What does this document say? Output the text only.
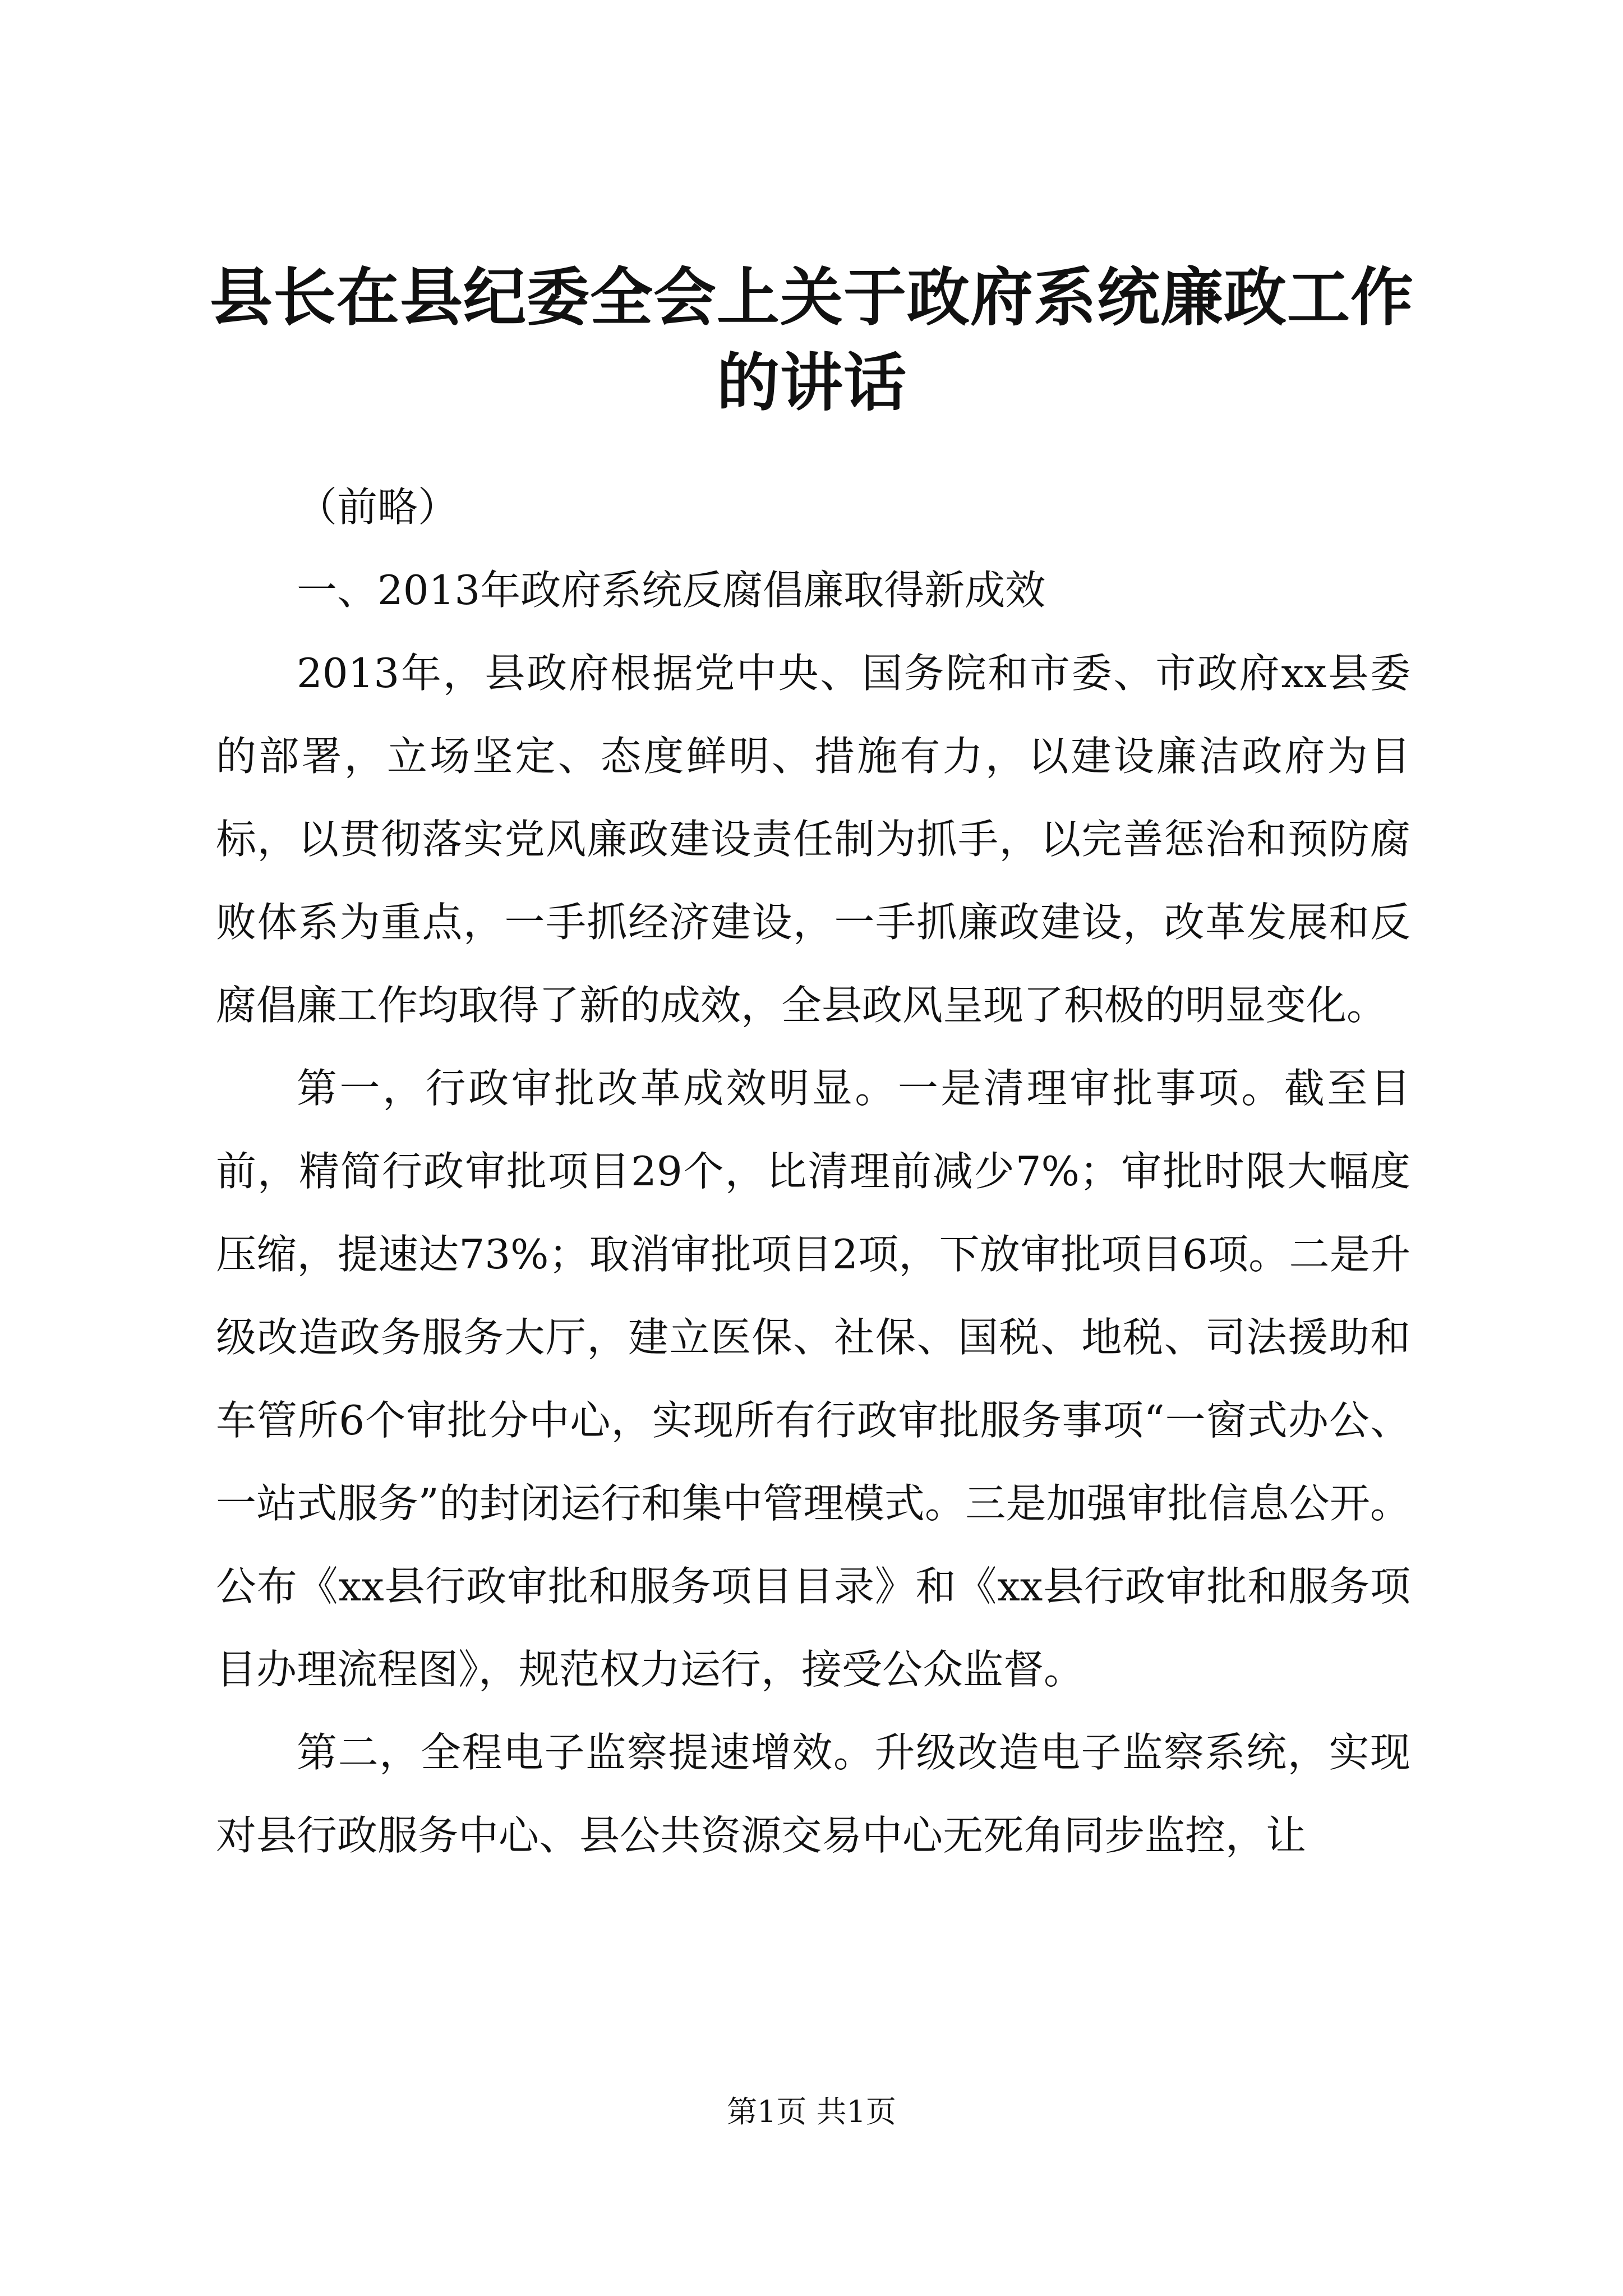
县长在县纪委全会上关于政府系统廉政工作的讲话

（前略）

一、2013年政府系统反腐倡廉取得新成效

2013年，县政府根据党中央、国务院和市委、市政府xx县委的部署，立场坚定、态度鲜明、措施有力，以建设廉洁政府为目标，以贯彻落实党风廉政建设责任制为抓手，以完善惩治和预防腐败体系为重点，一手抓经济建设，一手抓廉政建设，改革发展和反腐倡廉工作均取得了新的成效，全县政风呈现了积极的明显变化。

第一，行政审批改革成效明显。一是清理审批事项。截至目前，精简行政审批项目29个，比清理前减少7%；审批时限大幅度压缩，提速达73%；取消审批项目2项，下放审批项目6项。二是升级改造政务服务大厅，建立医保、社保、国税、地税、司法援助和车管所6个审批分中心，实现所有行政审批服务事项“一窗式办公、一站式服务”的封闭运行和集中管理模式。三是加强审批信息公开。公布《xx县行政审批和服务项目目录》和《xx县行政审批和服务项目办理流程图》，规范权力运行，接受公众监督。

第二，全程电子监察提速增效。升级改造电子监察系统，实现对县行政服务中心、县公共资源交易中心无死角同步监控，让

第1页 共1页
